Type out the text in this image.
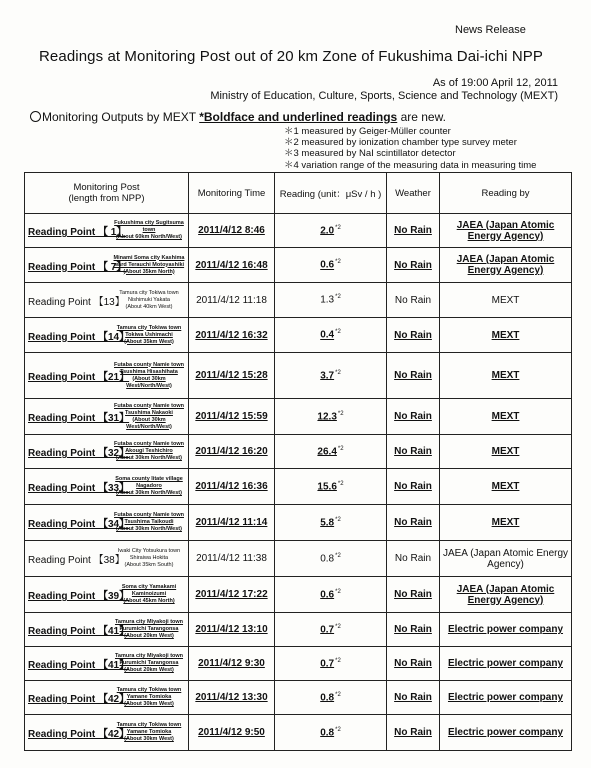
News Release
Readings at Monitoring Post out of 20 km Zone of Fukushima Dai-ichi NPP
As of 19:00 April 12, 2011
Ministry of Education, Culture, Sports, Science and Technology (MEXT)
Monitoring Outputs by MEXT *Boldface and underlined readings are new.
＊1 measured by Geiger-Müller counter
＊2 measured by ionization chamber type survey meter
＊3 measured by NaI scintillator detector
＊4 variation range of the measuring data in measuring time
Monitoring Post
(length from NPP)	Monitoring Time	Reading (unit：μSv / h )	Weather	Reading by

Reading Point 【 1】
Fukushima city Sugitsuma town
(About 60km North/West)	2011/4/12 8:46	2.0$^{*2}$	No Rain	JAEA (Japan Atomic Energy Agency)

Reading Point 【 7】
Minami Soma city Kashima ward Terauchi Motoyashiki
(About 35km North)	2011/4/12 16:48	0.6$^{*2}$	No Rain	JAEA (Japan Atomic Energy Agency)

Reading Point 【13】
Tamura city Tokiwa town Nishimuki Yakata
(About 40km West)	2011/4/12 11:18	1.3$^{*2}$	No Rain	MEXT

Reading Point 【14】
Tamura city Tokiwa town Tokiwa Ushimachi
(About 35km West)	2011/4/12 16:32	0.4$^{*2}$	No Rain	MEXT

Reading Point 【21】
Futaba county Namie town Tsushima Hisashihata
(About 30km West/North/West)	2011/4/12 15:28	3.7$^{*2}$	No Rain	MEXT

Reading Point 【31】
Futaba county Namie town Tsushima Nakaoki
(About 30km West/North/West)	2011/4/12 15:59	12.3$^{*2}$	No Rain	MEXT

Reading Point 【32】
Futaba county Namie town Akougi Teshichiro
(About 30km North/West)	2011/4/12 16:20	26.4$^{*2}$	No Rain	MEXT

Reading Point 【33】
Soma county Iitate village Nagadoro
(About 30km North/West)	2011/4/12 16:36	15.6$^{*2}$	No Rain	MEXT

Reading Point 【34】
Futaba county Namie town Tsushima Taikoudi
(About 30km North/West)	2011/4/12 11:14	5.8$^{*2}$	No Rain	MEXT

Reading Point 【38】
Iwaki City Yotsukura town Shiraiwa Hokita
(About 35km South)	2011/4/12 11:38	0.8$^{*2}$	No Rain	JAEA (Japan Atomic Energy Agency)

Reading Point 【39】
Soma city Yamakami Kaminoizumi
(About 45km North)	2011/4/12 17:22	0.6$^{*2}$	No Rain	JAEA (Japan Atomic Energy Agency)

Reading Point 【41】
Tamura city Miyakoji town Furumichi Tarangonsa
(About 20km West)	2011/4/12 13:10	0.7$^{*2}$	No Rain	Electric power company

Reading Point 【41】
Tamura city Miyakoji town Furumichi Tarangonsa
(About 20km West)	2011/4/12 9:30	0.7$^{*2}$	No Rain	Electric power company

Reading Point 【42】
Tamura city Tokiwa town Yamane Tomioka
(About 30km West)	2011/4/12 13:30	0.8$^{*2}$	No Rain	Electric power company

Reading Point 【42】
Tamura city Tokiwa town Yamane Tomioka
(About 30km West)	2011/4/12 9:50	0.8$^{*2}$	No Rain	Electric power company
